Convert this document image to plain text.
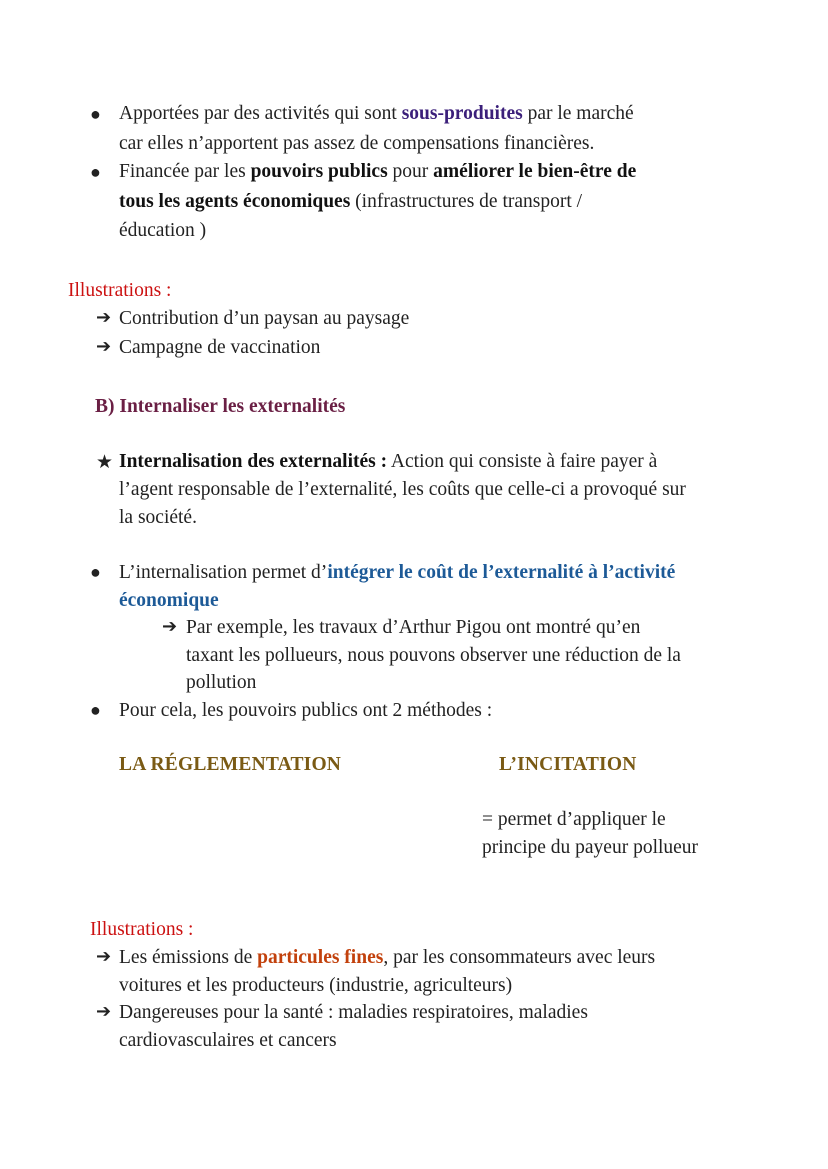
● Apportées par des activités qui sont sous-produites par le marché
car elles n’apportent pas assez de compensations financières.
● Financée par les pouvoirs publics pour améliorer le bien-être de
tous les agents économiques (infrastructures de transport /
éducation )
Illustrations :
➔ Contribution d’un paysan au paysage
➔ Campagne de vaccination
B) Internaliser les externalités
★ Internalisation des externalités : Action qui consiste à faire payer à
l’agent responsable de l’externalité, les coûts que celle-ci a provoqué sur
la société.
● L’internalisation permet d’intégrer le coût de l’externalité à l’activité
économique
➔ Par exemple, les travaux d’Arthur Pigou ont montré qu’en
taxant les pollueurs, nous pouvons observer une réduction de la
pollution
● Pour cela, les pouvoirs publics ont 2 méthodes :
LA RÉGLEMENTATION	L’INCITATION
= permet d’appliquer le
principe du payeur pollueur
Illustrations :
➔ Les émissions de particules fines, par les consommateurs avec leurs
voitures et les producteurs (industrie, agriculteurs)
➔ Dangereuses pour la santé : maladies respiratoires, maladies
cardiovasculaires et cancers
